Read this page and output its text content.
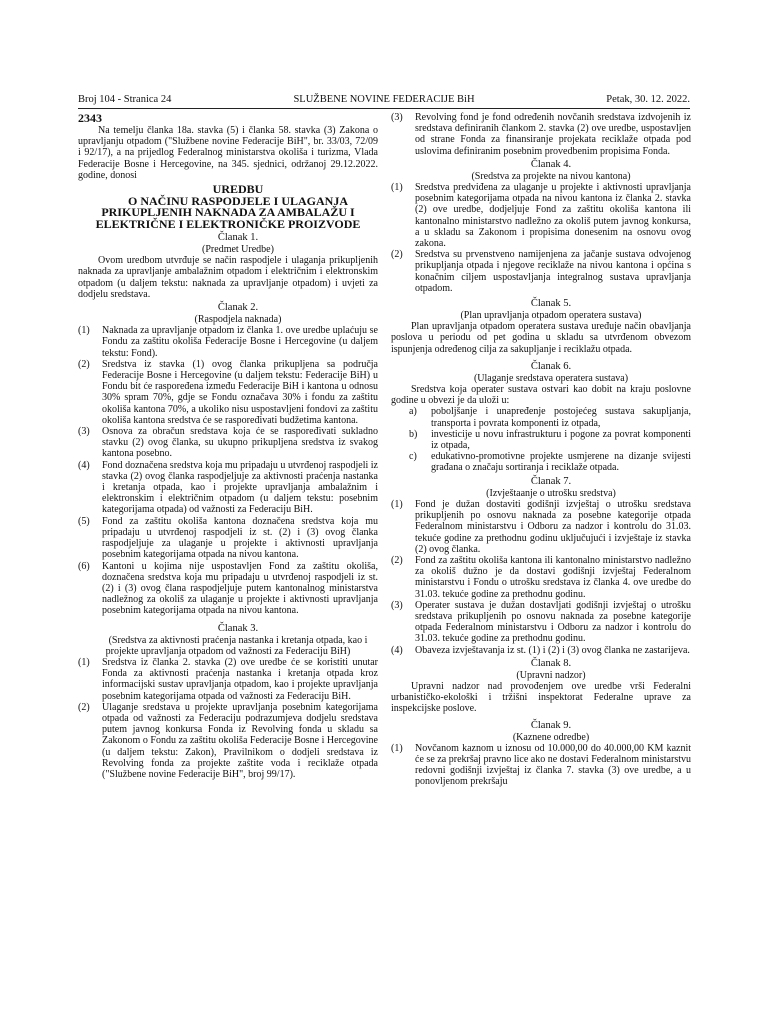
Broj 104 - Stranica 24	SLUŽBENE NOVINE FEDERACIJE BiH	Petak, 30. 12. 2022.

2343

Na temelju članka 18a. stavka (5) i članka 58. stavka (3) Zakona o upravljanju otpadom ("Službene novine Federacije BiH", br. 33/03, 72/09 i 92/17), a na prijedlog Federalnog ministarstva okoliša i turizma, Vlada Federacije Bosne i Hercegovine, na 345. sjednici, održanoj 29.12.2022. godine, donosi

UREDBU

O NAČINU RASPODJELE I ULAGANJA PRIKUPLJENIH NAKNADA ZA AMBALAŽU I ELEKTRIČNE I ELEKTRONIČKE PROIZVODE

Članak 1.

(Predmet Uredbe)

Ovom uredbom utvrđuje se način raspodjele i ulaganja prikupljenih naknada za upravljanje ambalažnim otpadom i električnim i elektronskim otpadom (u daljem tekstu: naknada za upravljanje otpadom) i uvjeti za dodjelu sredstava.

Članak 2.

(Raspodjela naknada)

(1)	Naknada za upravljanje otpadom iz članka 1. ove uredbe uplaćuju se Fondu za zaštitu okoliša Federacije Bosne i Hercegovine (u daljem tekstu: Fond).
(2)	Sredstva iz stavka (1) ovog članka prikupljena sa područja Federacije Bosne i Hercegovine (u daljem tekstu: Federacije BiH) u Fondu bit će raspoređena između Federacije BiH i kantona u odnosu 30% spram 70%, gdje se Fondu označava 30% i fondu za zaštitu okoliša kantona 70%, a ukoliko nisu uspostavljeni fondovi za zaštitu okoliša kantona sredstva će se raspoređivati budžetima kantona.
(3)	Osnova za obračun sredstava koja će se raspoređivati sukladno stavku (2) ovog članka, su ukupno prikupljena sredstva iz svakog kantona posebno.
(4)	Fond doznačena sredstva koja mu pripadaju u utvrđenoj raspodjeli iz stavka (2) ovog članka raspodjeljuje za aktivnosti praćenja nastanka i kretanja otpada, kao i projekte upravljanja ambalažnim i elektronskim i električnim otpadom (u daljem tekstu: posebnim kategorijama otpada) od važnosti za Federaciju BiH.
(5)	Fond za zaštitu okoliša kantona doznačena sredstva koja mu pripadaju u utvrđenoj raspodjeli iz st. (2) i (3) ovog članka raspodjeljuje za ulaganje u projekte i aktivnosti upravljanja posebnim kategorijama otpada na nivou kantona.
(6)	Kantoni u kojima nije uspostavljen Fond za zaštitu okoliša, doznačena sredstva koja mu pripadaju u utvrđenoj raspodjeli iz st. (2) i (3) ovog člana raspodjeljuje putem kantonalnog ministarstva nadležnog za okoliš za ulaganje u projekte i aktivnosti upravljanja posebnim kategorijama otpada na nivou kantona.

Članak 3.

(Sredstva za aktivnosti praćenja nastanka i kretanja otpada, kao i projekte upravljanja otpadom od važnosti za Federaciju BiH)

(1)	Sredstva iz članka 2. stavka (2) ove uredbe će se koristiti unutar Fonda za aktivnosti praćenja nastanka i kretanja otpada kroz informacijski sustav upravljanja otpadom, kao i projekte upravljanja posebnim kategorijama otpada od važnosti za Federaciju BiH.
(2)	Ulaganje sredstava u projekte upravljanja posebnim kategorijama otpada od važnosti za Federaciju podrazumjeva dodjelu sredstava putem javnog konkursa Fonda iz Revolving fonda u skladu sa Zakonom o Fondu za zaštitu okoliša Federacije Bosne i Hercegovine (u daljem tekstu: Zakon), Pravilnikom o dodjeli sredstava iz Revolving fonda za projekte zaštite voda i reciklaže otpada ("Službene novine Federacije BiH", broj 99/17).
(3)	Revolving fond je fond određenih novčanih sredstava izdvojenih iz sredstava definiranih člankom 2. stavka (2) ove uredbe, uspostavljen od strane Fonda za finansiranje projekata reciklaže otpada pod uslovima definiranim posebnim provedbenim propisima Fonda.

Članak 4.

(Sredstva za projekte na nivou kantona)

(1)	Sredstva predviđena za ulaganje u projekte i aktivnosti upravljanja posebnim kategorijama otpada na nivou kantona iz članka 2. stavka (2) ove uredbe, dodjeljuje Fond za zaštitu okoliša kantona ili kantonalno ministarstvo nadležno za okoliš putem javnog konkursa, a u skladu sa Zakonom i propisima donesenim na osnovu ovog zakona.
(2)	Sredstva su prvenstveno namijenjena za jačanje sustava odvojenog prikupljanja otpada i njegove reciklaže na nivou kantona i općina s konačnim ciljem uspostavljanja integralnog sustava upravljanja otpadom.

Članak 5.

(Plan upravljanja otpadom operatera sustava)

Plan upravljanja otpadom operatera sustava uređuje način obavljanja poslova u periodu od pet godina u skladu sa utvrđenom obvezom ispunjenja određenog cilja za sakupljanje i reciklažu otpada.

Članak 6.

(Ulaganje sredstava operatera sustava)

Sredstva koja operater sustava ostvari kao dobit na kraju poslovne godine u obvezi je da uloži u:

a)	poboljšanje i unapređenje postojećeg sustava sakupljanja, transporta i povrata komponenti iz otpada,
b)	investicije u novu infrastrukturu i pogone za povrat komponenti iz otpada,
c)	edukativno-promotivne projekte usmjerene na dizanje svijesti građana o značaju sortiranja i reciklaže otpada.

Članak 7.

(Izvještaanje o utrošku sredstva)

(1)	Fond je dužan dostaviti godišnji izvještaj o utrošku sredstava prikupljenih po osnovu naknada za posebne kategorije otpada Federalnom ministarstvu i Odboru za nadzor i kontrolu do 31.03. tekuće godine za prethodnu godinu uključujući i izvještaje iz stavka (2) ovog članka.
(2)	Fond za zaštitu okoliša kantona ili kantonalno ministarstvo nadležno za okoliš dužno je da dostavi godišnji izvještaj Federalnom ministarstvu i Fondu o utrošku sredstava iz članka 4. ove uredbe do 31.03. tekuće godine za prethodnu godinu.
(3)	Operater sustava je dužan dostavljati godišnji izvještaj o utrošku sredstava prikupljenih po osnovu naknada za posebne kategorije otpada Federalnom ministarstvu i Odboru za nadzor i kontrolu do 31.03. tekuće godine za prethodnu godinu.
(4)	Obaveza izvještavanja iz st. (1) i (2) i (3) ovog članka ne zastarijeva.

Članak 8.

(Upravni nadzor)

Upravni nadzor nad provođenjem ove uredbe vrši Federalni urbanističko-ekološki i tržišni inspektorat Federalne uprave za inspekcijske poslove.

Članak 9.

(Kaznene odredbe)

(1)	Novčanom kaznom u iznosu od 10.000,00 do 40.000,00 KM kaznit će se za prekršaj pravno lice ako ne dostavi Federalnom ministarstvu redovni godišnji izvještaj iz članka 7. stavka (3) ove uredbe, a u ponovljenom prekršaju
